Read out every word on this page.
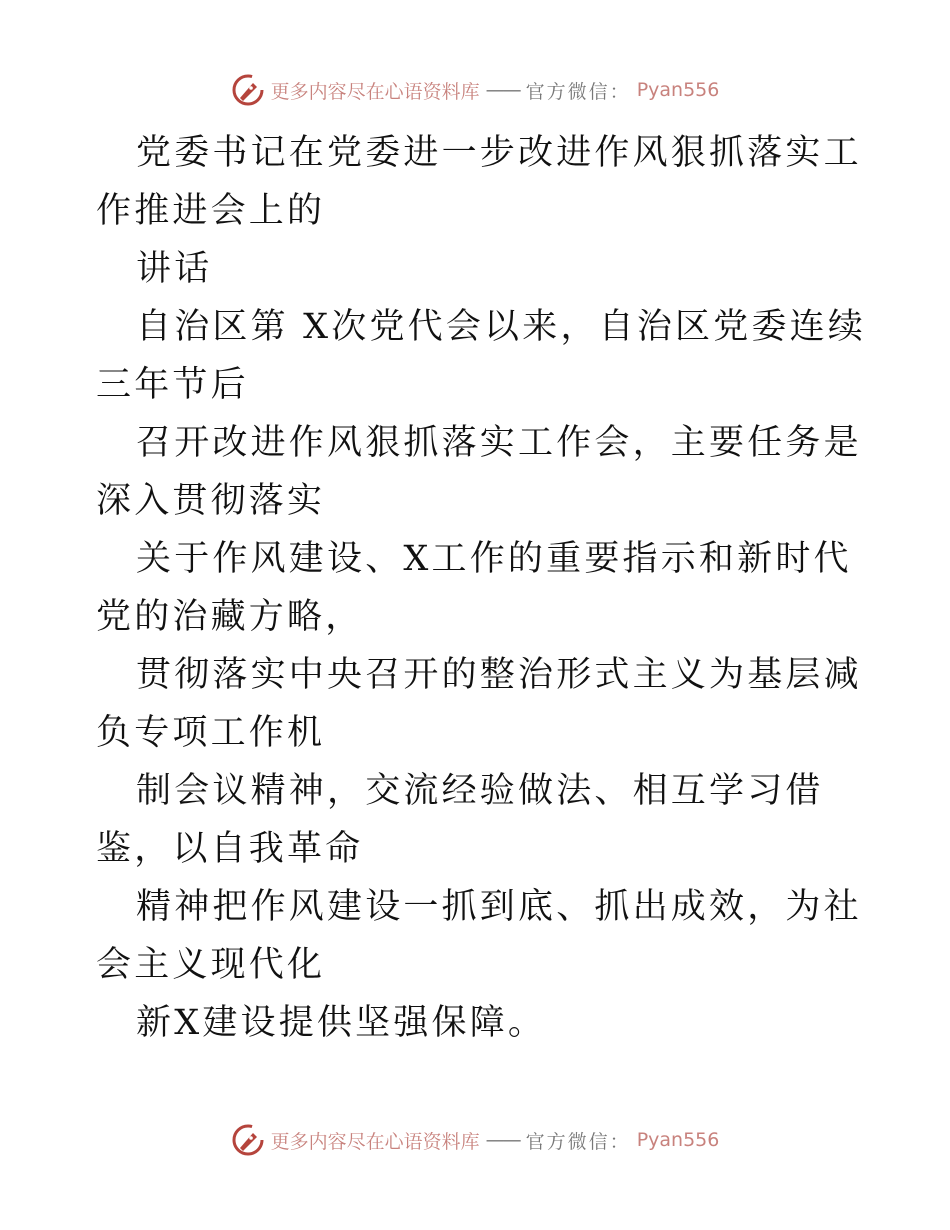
更多内容尽在心语资料库 —— 官方微信： Pyan556

党委书记在党委进一步改进作风狠抓落实工作推进会上的

讲话

自治区第 X次党代会以来，自治区党委连续三年节后

召开改进作风狠抓落实工作会，主要任务是深入贯彻落实

关于作风建设、X工作的重要指示和新时代党的治藏方略，

贯彻落实中央召开的整治形式主义为基层减负专项工作机

制会议精神，交流经验做法、相互学习借鉴，以自我革命

精神把作风建设一抓到底、抓出成效，为社会主义现代化

新X建设提供坚强保障。

更多内容尽在心语资料库 —— 官方微信： Pyan556
